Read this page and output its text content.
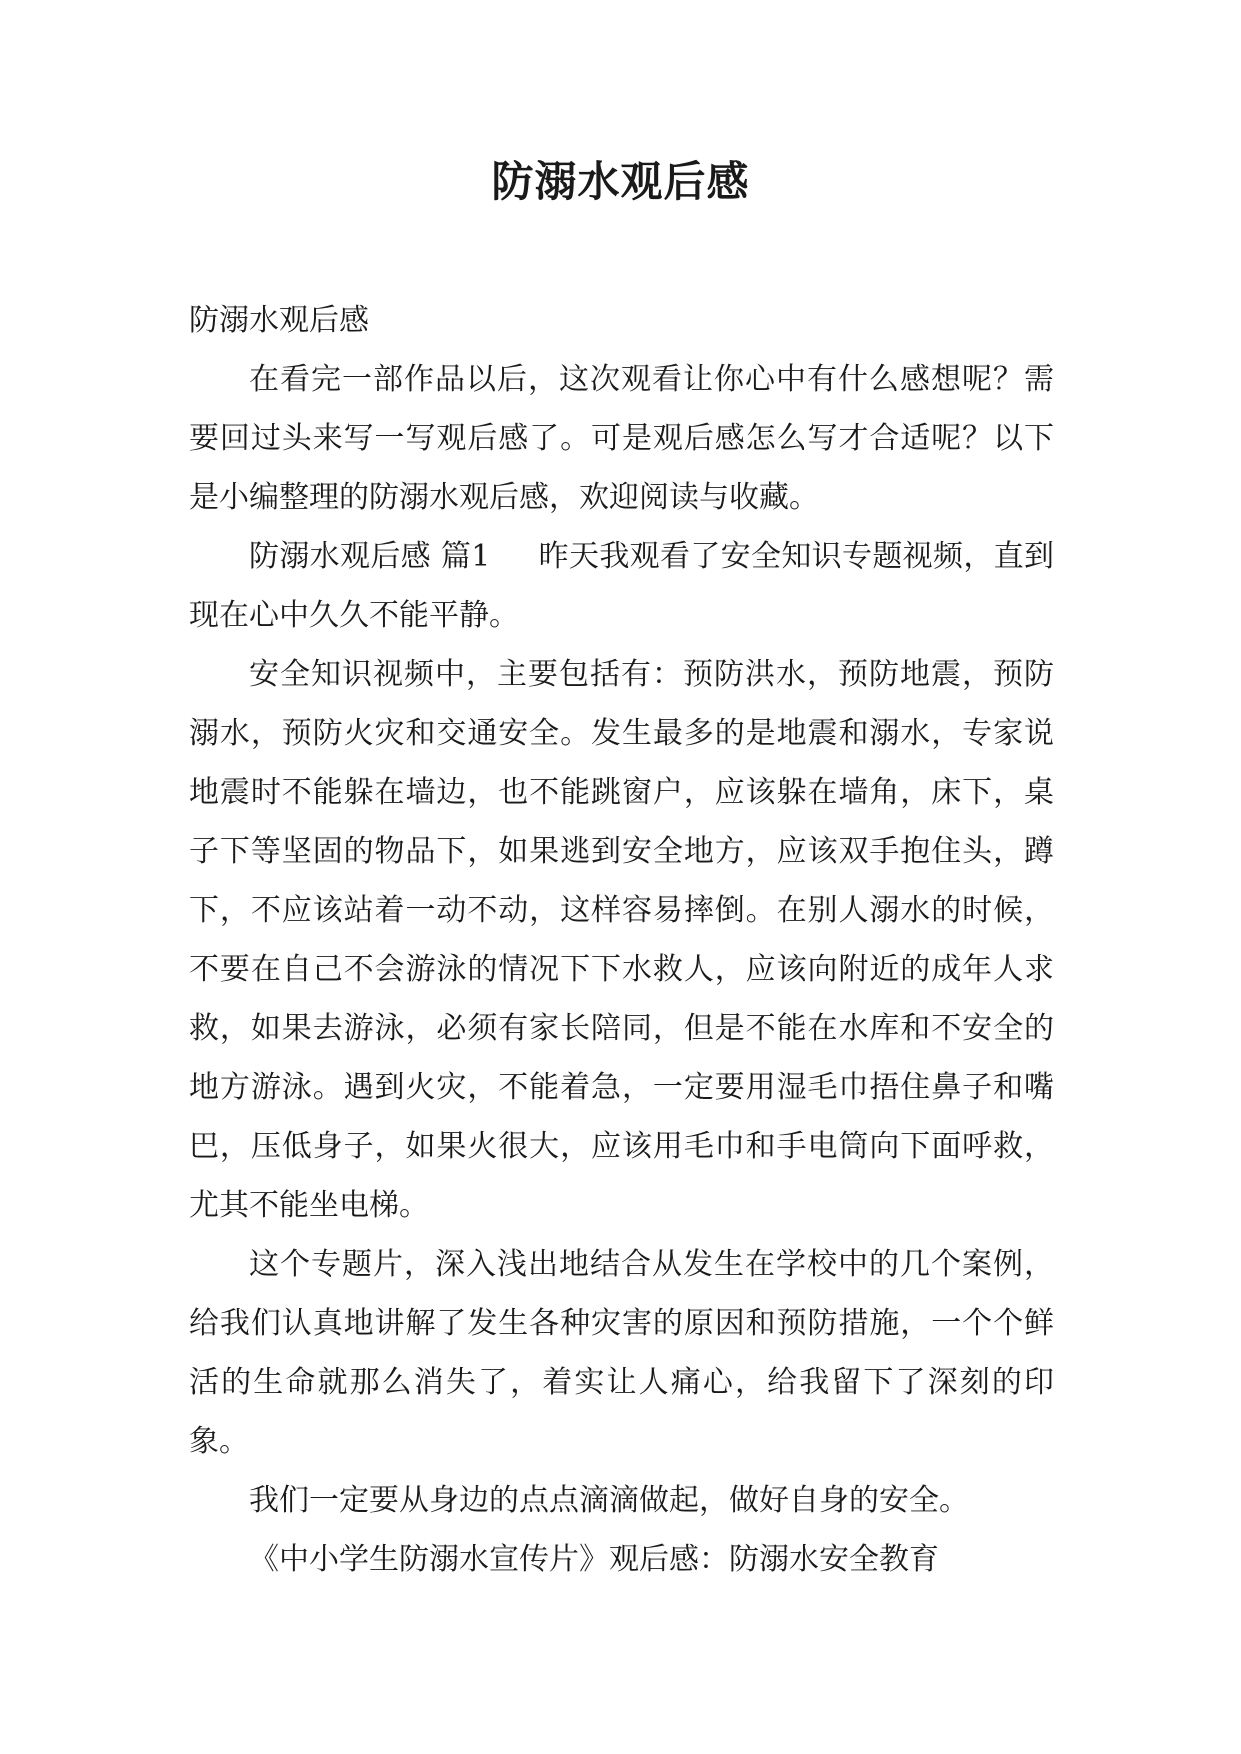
防溺水观后感

防溺水观后感

在看完一部作品以后，这次观看让你心中有什么感想呢？需要回过头来写一写观后感了。可是观后感怎么写才合适呢？以下是小编整理的防溺水观后感，欢迎阅读与收藏。

防溺水观后感 篇1 昨天我观看了安全知识专题视频，直到现在心中久久不能平静。

安全知识视频中，主要包括有：预防洪水，预防地震，预防溺水，预防火灾和交通安全。发生最多的是地震和溺水，专家说地震时不能躲在墙边，也不能跳窗户，应该躲在墙角，床下，桌子下等坚固的物品下，如果逃到安全地方，应该双手抱住头，蹲下，不应该站着一动不动，这样容易摔倒。在别人溺水的时候，不要在自己不会游泳的情况下下水救人，应该向附近的成年人求救，如果去游泳，必须有家长陪同，但是不能在水库和不安全的地方游泳。遇到火灾，不能着急，一定要用湿毛巾捂住鼻子和嘴巴，压低身子，如果火很大，应该用毛巾和手电筒向下面呼救，尤其不能坐电梯。

这个专题片，深入浅出地结合从发生在学校中的几个案例，给我们认真地讲解了发生各种灾害的原因和预防措施，一个个鲜活的生命就那么消失了，着实让人痛心，给我留下了深刻的印象。

我们一定要从身边的点点滴滴做起，做好自身的安全。

《中小学生防溺水宣传片》观后感：防溺水安全教育
